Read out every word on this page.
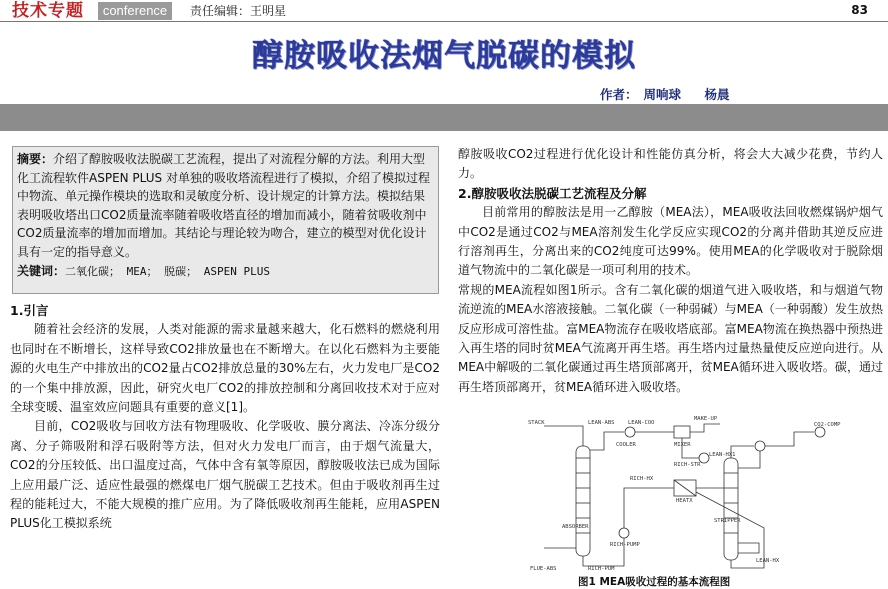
技术专题	conference	责任编辑：王明星	83
醇胺吸收法烟气脱碳的模拟
作者： 周响球 杨晨
摘要：介绍了醇胺吸收法脱碳工艺流程，提出了对流程分解的方法。利用大型化工流程软件ASPEN PLUS 对单独的吸收塔流程进行了模拟，介绍了模拟过程中物流、单元操作模块的选取和灵敏度分析、设计规定的计算方法。模拟结果表明吸收塔出口CO2质量流率随着吸收塔直径的增加而减小，随着贫吸收剂中CO2质量流率的增加而增加。其结论与理论较为吻合，建立的模型对优化设计具有一定的指导意义。
关键词：二氧化碳； MEA； 脱碳； ASPEN PLUS

1.引言

随着社会经济的发展，人类对能源的需求量越来越大，化石燃料的燃烧利用也同时在不断增长，这样导致CO2排放量也在不断增大。在以化石燃料为主要能源的火电生产中排放出的CO2量占CO2排放总量的30%左右，火力发电厂是CO2的一个集中排放源，因此，研究火电厂CO2的排放控制和分离回收技术对于应对全球变暖、温室效应问题具有重要的意义[1]。

目前，CO2吸收与回收方法有物理吸收、化学吸收、膜分离法、冷冻分级分离、分子筛吸附和浮石吸附等方法，但对火力发电厂而言，由于烟气流量大，CO2的分压较低、出口温度过高，气体中含有氧等原因，醇胺吸收法已成为国际上应用最广泛、适应性最强的燃煤电厂烟气脱碳工艺技术。但由于吸收剂再生过程的能耗过大，不能大规模的推广应用。为了降低吸收剂再生能耗，应用ASPEN PLUS化工模拟系统

醇胺吸收CO2过程进行优化设计和性能仿真分析，将会大大减少花费，节约人力。

2.醇胺吸收法脱碳工艺流程及分解

目前常用的醇胺法是用一乙醇胺（MEA法），MEA吸收法回收燃煤锅炉烟气中CO2是通过CO2与MEA溶剂发生化学反应实现CO2的分离并借助其逆反应进行溶剂再生，分离出来的CO2纯度可达99%。使用MEA的化学吸收对于脱除烟道气物流中的二氧化碳是一项可利用的技术。

常规的MEA流程如图1所示。含有二氧化碳的烟道气进入吸收塔，和与烟道气物流逆流的MEA水溶液接触。二氧化碳（一种弱碱）与MEA（一种弱酸）发生放热反应形成可溶性盐。富MEA物流存在吸收塔底部。富MEA物流在换热器中预热进入再生塔的同时贫MEA气流离开再生塔。再生塔内过量热量使反应逆向进行。从MEA中解吸的二氧化碳通过再生塔顶部离开，贫MEA循环进入吸收塔。碳，通过再生塔顶部离开，贫MEA循环进入吸收塔。

STACK	LEAN-ABS LEAN-COO
MAKE-UP
CO2-COMP
COOLER	MIXER
LEAN-HX1
RICH-STR
RICH-HX
HEATX
RICH-PUMP
ABSORBER
STRIPPER
LEAN-HX
FLUE-ABS	RICH-PUM
图1 MEA吸收过程的基本流程图
